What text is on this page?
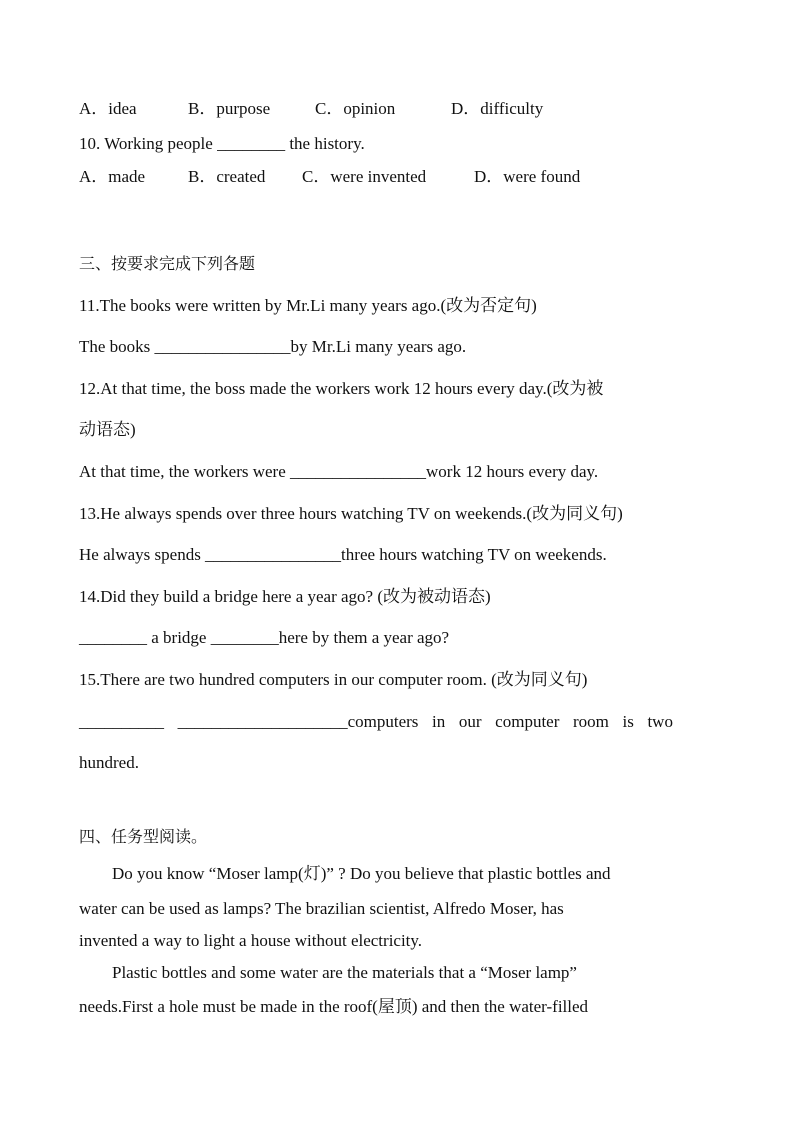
A．idea	B．purpose	C．opinion	D．difficulty
10. Working people ________ the history.
A．made	B．created C．were invented	D．were found
三、按要求完成下列各题
11.The books were written by Mr.Li many years ago.(改为否定句)
The books ________________by Mr.Li many years ago.
12.At that time, the boss made the workers work 12 hours every day.(改为被
动语态)
At that time, the workers were ________________work 12 hours every day.
13.He always spends over three hours watching TV on weekends.(改为同义句)
He always spends ________________three hours watching TV on weekends.
14.Did they build a bridge here a year ago? (改为被动语态)
________ a bridge ________here by them a year ago?
15.There are two hundred computers in our computer room. (改为同义句)
__________ ____________________computers in our computer room is two
hundred.
四、任务型阅读。
Do you know “Moser lamp(灯)” ? Do you believe that plastic bottles and
water can be used as lamps? The brazilian scientist, Alfredo Moser, has
invented a way to light a house without electricity.
Plastic bottles and some water are the materials that a “Moser lamp”
needs.First a hole must be made in the roof(屋顶) and then the water-filled
